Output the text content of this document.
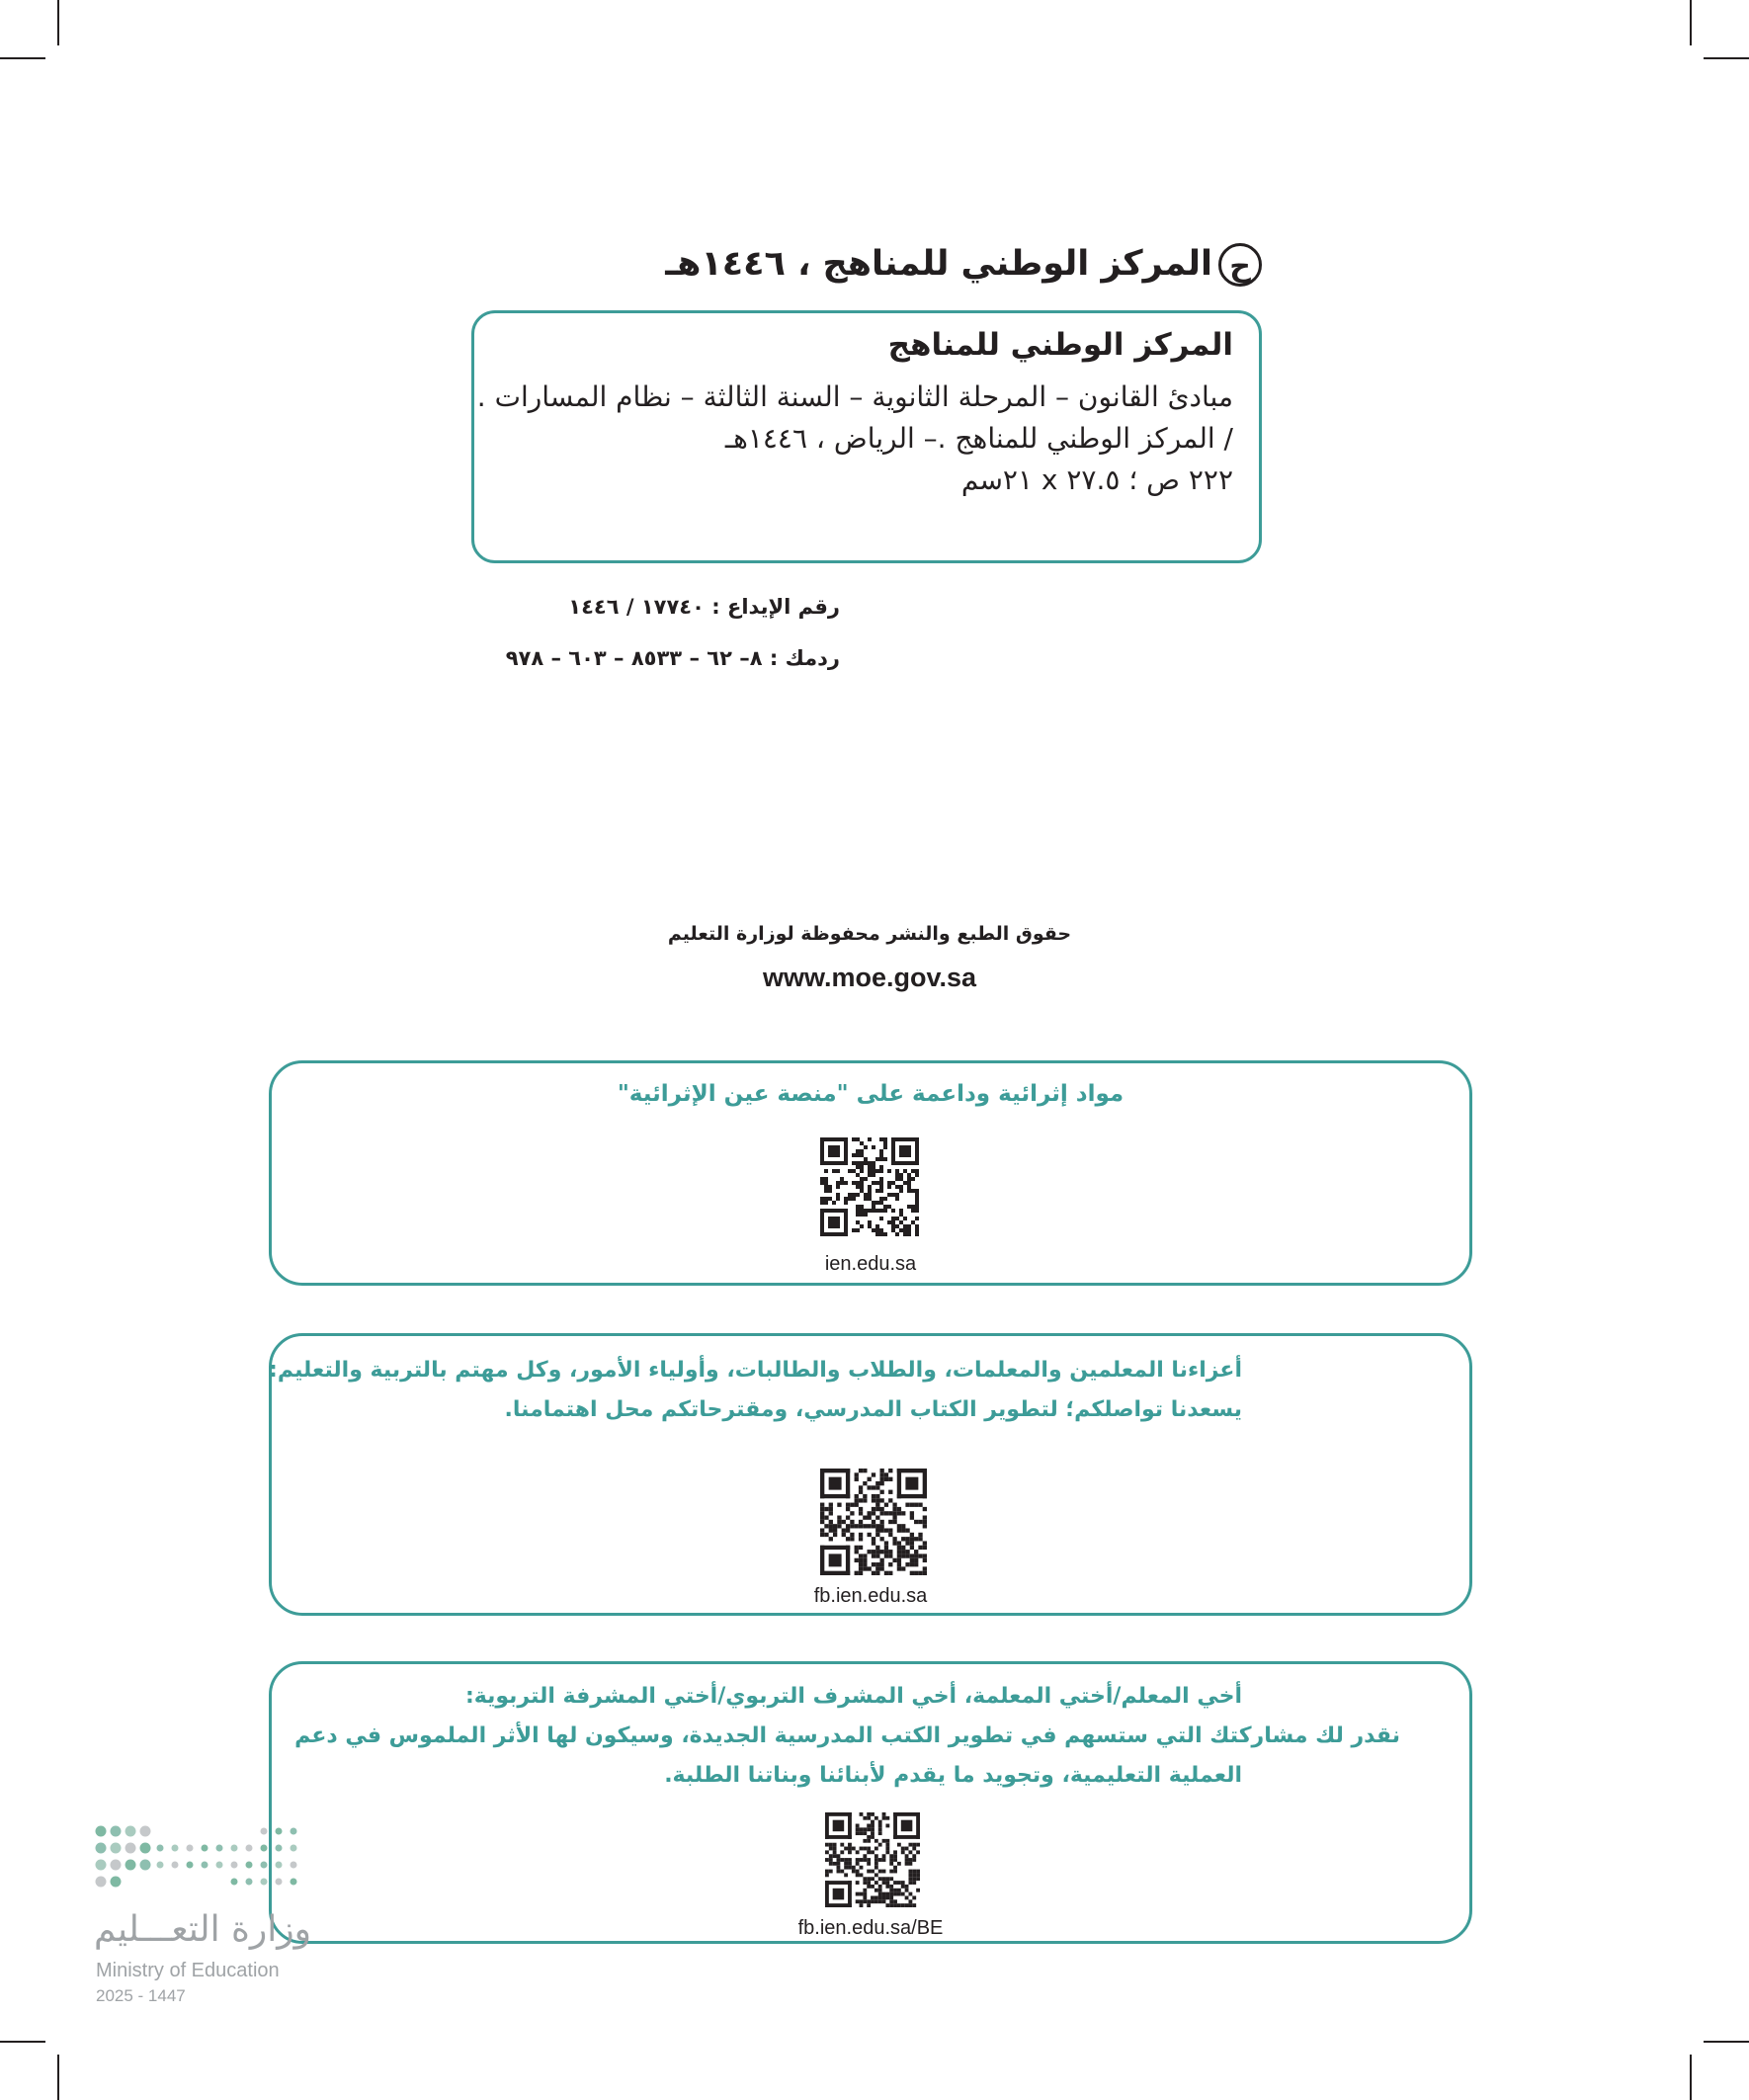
حالمركز الوطني للمناهج ، ١٤٤٦هـ
المركز الوطني للمناهج
مبادئ القانون – المرحلة الثانوية – السنة الثالثة – نظام المسارات .
/ المركز الوطني للمناهج .– الرياض ، ١٤٤٦هـ
٢٢٢ ص ؛ ٢٧.٥ x ٢١سم
رقم الإيداع : ١٧٧٤٠ / ١٤٤٦
ردمك : ٨– ٦٢ – ٨٥٣٣ – ٦٠٣ – ٩٧٨
حقوق الطبع والنشر محفوظة لوزارة التعليم
www.moe.gov.sa
مواد إثرائية وداعمة على "منصة عين الإثرائية"
ien.edu.sa
أعزاءنا المعلمين والمعلمات، والطلاب والطالبات، وأولياء الأمور، وكل مهتم بالتربية والتعليم:
يسعدنا تواصلكم؛ لتطوير الكتاب المدرسي، ومقترحاتكم محل اهتمامنا.
fb.ien.edu.sa
أخي المعلم/أختي المعلمة، أخي المشرف التربوي/أختي المشرفة التربوية:
نقدر لك مشاركتك التي ستسهم في تطوير الكتب المدرسية الجديدة، وسيكون لها الأثر الملموس في دعم
العملية التعليمية، وتجويد ما يقدم لأبنائنا وبناتنا الطلبة.
fb.ien.edu.sa/BE
وزارة التعـــليم
Ministry of Education
2025 - 1447
